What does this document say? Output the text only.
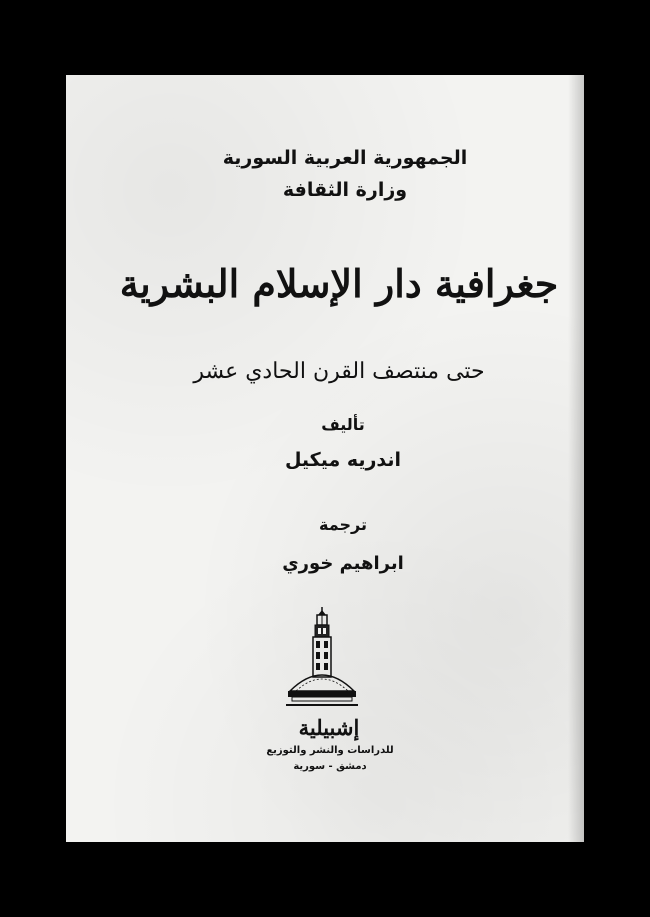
الجمهورية العربية السورية
وزارة الثقافة
جغرافية دار الإسلام البشرية
حتى منتصف القرن الحادي عشر
تأليف
اندريه ميكيل
ترجمة
ابراهيم خوري
إشبيلية
للدراسات والنشر والتوزيع
دمشق - سورية
